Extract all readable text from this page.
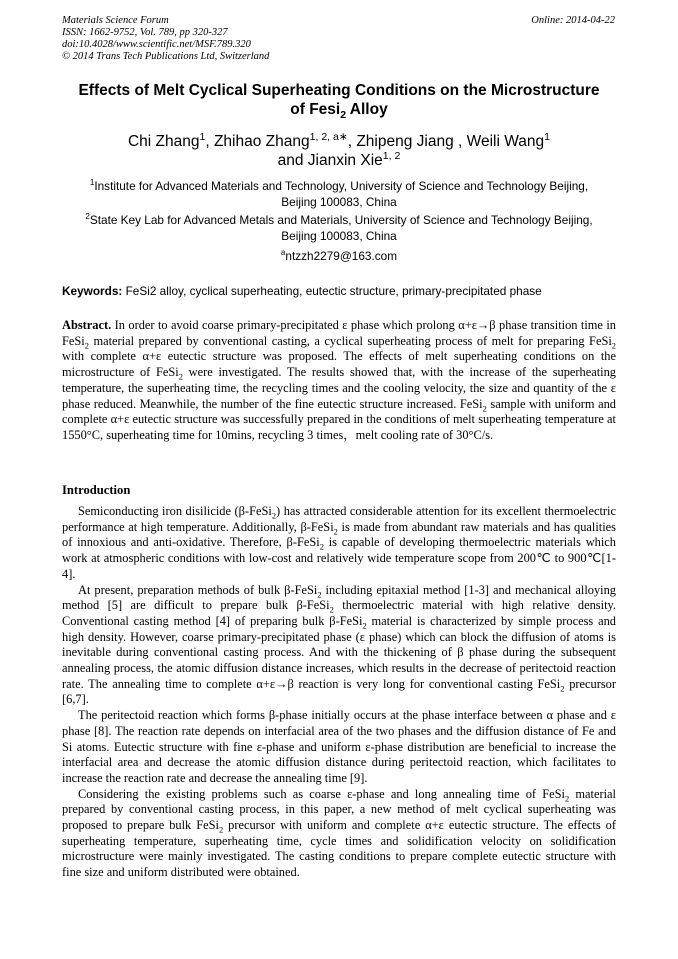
Materials Science Forum
ISSN: 1662-9752, Vol. 789, pp 320-327
doi:10.4028/www.scientific.net/MSF.789.320
© 2014 Trans Tech Publications Ltd, Switzerland
Online: 2014-04-22
Effects of Melt Cyclical Superheating Conditions on the Microstructure
of Fesi$_2$ Alloy
Chi Zhang$^1$, Zhihao Zhang$^{1, 2, a∗}$, Zhipeng Jiang , Weili Wang$^1$
and Jianxin Xie$^{1, 2}$
$^1$Institute for Advanced Materials and Technology, University of Science and Technology Beijing,
Beijing 100083, China
$^2$State Key Lab for Advanced Metals and Materials, University of Science and Technology Beijing,
Beijing 100083, China
$^a$ntzzh2279@163.com
Keywords: FeSi2 alloy, cyclical superheating, eutectic structure, primary-precipitated phase
Abstract. In order to avoid coarse primary-precipitated ε phase which prolong α+ε→β phase transition time in FeSi$_2$ material prepared by conventional casting, a cyclical superheating process of melt for preparing FeSi$_2$ with complete α+ε eutectic structure was proposed. The effects of melt superheating conditions on the microstructure of FeSi$_2$ were investigated. The results showed that, with the increase of the superheating temperature, the superheating time, the recycling times and the cooling velocity, the size and quantity of the ε phase reduced. Meanwhile, the number of the fine eutectic structure increased. FeSi$_2$ sample with uniform and complete α+ε eutectic structure was successfully prepared in the conditions of melt superheating temperature at 1550°C, superheating time for 10mins, recycling 3 times，melt cooling rate of 30°C/s.
Introduction

Semiconducting iron disilicide (β-FeSi$_2$) has attracted considerable attention for its excellent thermoelectric performance at high temperature. Additionally, β-FeSi$_2$ is made from abundant raw materials and has qualities of innoxious and anti-oxidative. Therefore, β-FeSi$_2$ is capable of developing thermoelectric materials which work at atmospheric conditions with low-cost and relatively wide temperature scope from 200℃ to 900℃[1-4].

At present, preparation methods of bulk β-FeSi$_2$ including epitaxial method [1-3] and mechanical alloying method [5] are difficult to prepare bulk β-FeSi$_2$ thermoelectric material with high relative density. Conventional casting method [4] of preparing bulk β-FeSi$_2$ material is characterized by simple process and high density. However, coarse primary-precipitated phase (ε phase) which can block the diffusion of atoms is inevitable during conventional casting process. And with the thickening of β phase during the subsequent annealing process, the atomic diffusion distance increases, which results in the decrease of peritectoid reaction rate. The annealing time to complete α+ε→β reaction is very long for conventional casting FeSi$_2$ precursor [6,7].

The peritectoid reaction which forms β-phase initially occurs at the phase interface between α phase and ε phase [8]. The reaction rate depends on interfacial area of the two phases and the diffusion distance of Fe and Si atoms. Eutectic structure with fine ε-phase and uniform ε-phase distribution are beneficial to increase the interfacial area and decrease the atomic diffusion distance during peritectoid reaction, which facilitates to increase the reaction rate and decrease the annealing time [9].

Considering the existing problems such as coarse ε-phase and long annealing time of FeSi$_2$ material prepared by conventional casting process, in this paper, a new method of melt cyclical superheating was proposed to prepare bulk FeSi$_2$ precursor with uniform and complete α+ε eutectic structure. The effects of superheating temperature, superheating time, cycle times and solidification velocity on solidification microstructure were mainly investigated. The casting conditions to prepare complete eutectic structure with fine size and uniform distributed were obtained.
